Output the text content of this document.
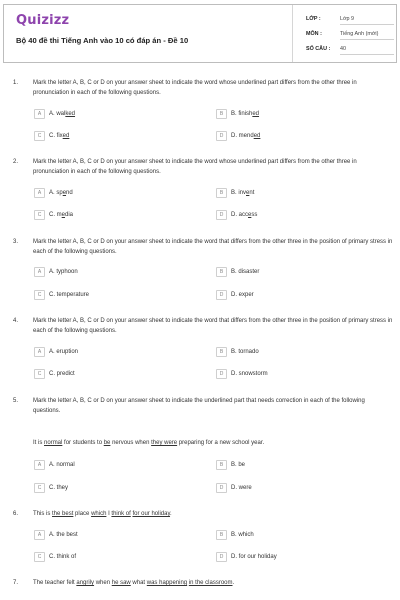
Quizizz
Bộ 40 đề thi Tiếng Anh vào 10 có đáp án - Đề 10
LỚP :	Lớp 9
MÔN :	Tiếng Anh (mới)
SỐ CÂU :	40
1. Mark the letter A, B, C or D on your answer sheet to indicate the word whose underlined part differs from the other three in pronunciation in each of the following questions.
A	A. walked	B	B. finished
C	C. fixed	D	D. mended
2. Mark the letter A, B, C or D on your answer sheet to indicate the word whose underlined part differs from the other three in pronunciation in each of the following questions.
A	A. spend	B	B. invent
C	C. media	D	D. access
3. Mark the letter A, B, C or D on your answer sheet to indicate the word that differs from the other three in the position of primary stress in each of the following questions.
A	A. typhoon	B	B. disaster
C	C. temperature	D	D. exper
4. Mark the letter A, B, C or D on your answer sheet to indicate the word that differs from the other three in the position of primary stress in each of the following questions.
A	A. eruption	B	B. tornado
C	C. predict	D	D. snowstorm
5. Mark the letter A, B, C or D on your answer sheet to indicate the underlined part that needs correction in each of the following questions.
It is normal for students to be nervous when they were preparing for a new school year.
A	A. normal	B	B. be
C	C. they	D	D. were
6. This is the best place which I think of for our holiday.
A	A. the best	B	B. which
C	C. think of	D	D. for our holiday
7. The teacher felt angrily when he saw what was happening in the classroom.
